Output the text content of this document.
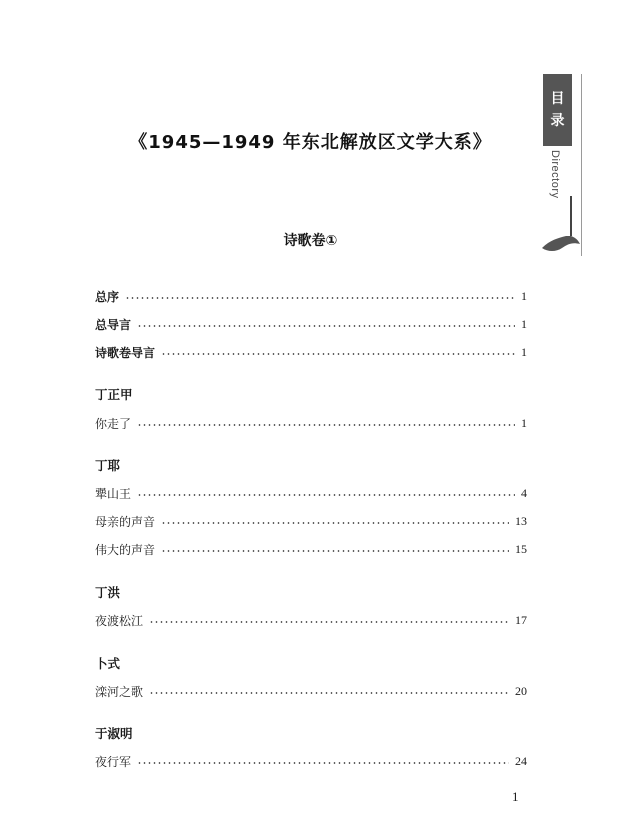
目
录
Directory
《1945—1949 年东北解放区文学大系》
诗歌卷①
总序	1
总导言	1
诗歌卷导言	1
丁正甲
你走了	1
丁耶
犟山王	4
母亲的声音	13
伟大的声音	15
丁洪
夜渡松江	17
卜式
滦河之歌	20
于淑明
夜行军	24
1
